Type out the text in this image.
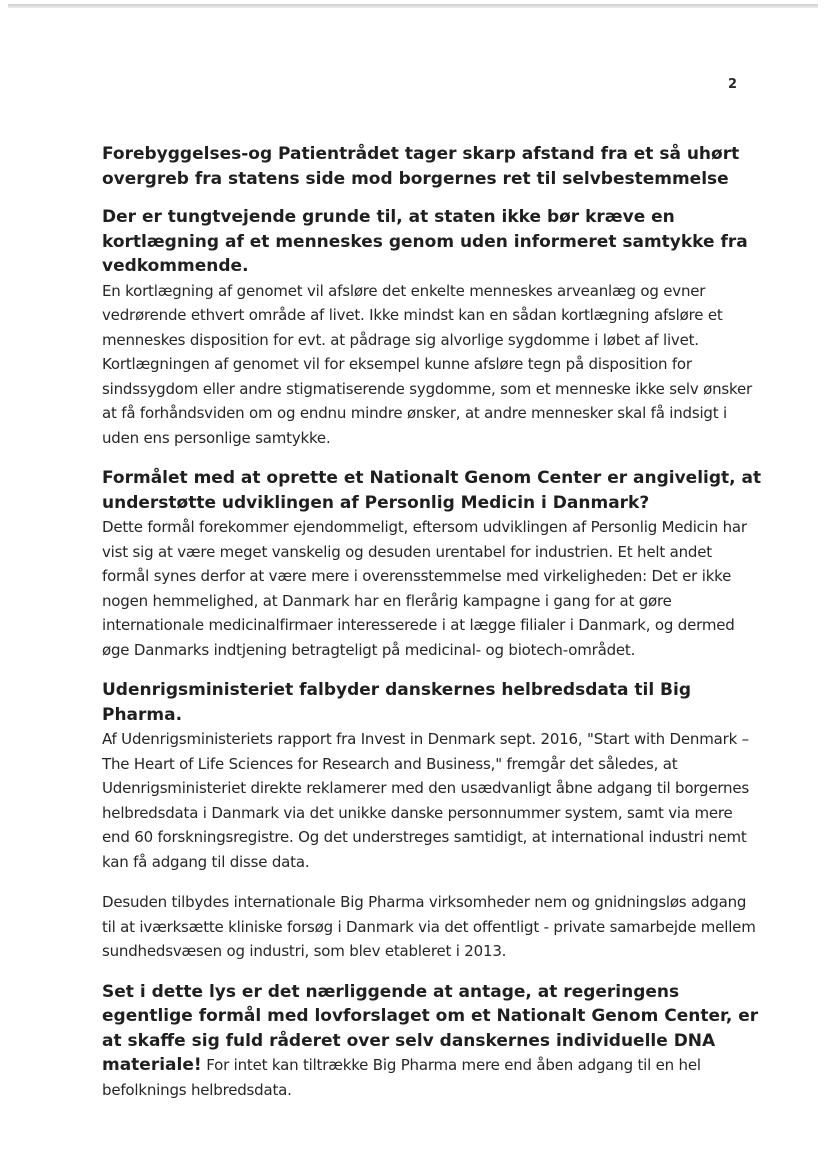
2

Forebyggelses-og Patientrådet tager skarp afstand fra et så uhørt overgreb fra statens side mod borgernes ret til selvbestemmelse

Der er tungtvejende grunde til, at staten ikke bør kræve en kortlægning af et menneskes genom uden informeret samtykke fra vedkommende.

En kortlægning af genomet vil afsløre det enkelte menneskes arveanlæg og evner vedrørende ethvert område af livet. Ikke mindst kan en sådan kortlægning afsløre et menneskes disposition for evt. at pådrage sig alvorlige sygdomme i løbet af livet. Kortlægningen af genomet vil for eksempel kunne afsløre tegn på disposition for sindssygdom eller andre stigmatiserende sygdomme, som et menneske ikke selv ønsker at få forhåndsviden om og endnu mindre ønsker, at andre mennesker skal få indsigt i uden ens personlige samtykke.

Formålet med at oprette et Nationalt Genom Center er angiveligt, at understøtte udviklingen af Personlig Medicin i Danmark?

Dette formål forekommer ejendommeligt, eftersom udviklingen af Personlig Medicin har vist sig at være meget vanskelig og desuden urentabel for industrien. Et helt andet formål synes derfor at være mere i overensstemmelse med virkeligheden: Det er ikke nogen hemmelighed, at Danmark har en flerårig kampagne i gang for at gøre internationale medicinalfirmaer interesserede i at lægge filialer i Danmark, og dermed øge Danmarks indtjening betragteligt på medicinal- og biotech-området.

Udenrigsministeriet falbyder danskernes helbredsdata til Big Pharma.

Af Udenrigsministeriets rapport fra Invest in Denmark sept. 2016, "Start with Denmark – The Heart of Life Sciences for Research and Business," fremgår det således, at Udenrigsministeriet direkte reklamerer med den usædvanligt åbne adgang til borgernes helbredsdata i Danmark via det unikke danske personnummer system, samt via mere end 60 forskningsregistre. Og det understreges samtidigt, at international industri nemt kan få adgang til disse data.

Desuden tilbydes internationale Big Pharma virksomheder nem og gnidningsløs adgang til at iværksætte kliniske forsøg i Danmark via det offentligt - private samarbejde mellem sundhedsvæsen og industri, som blev etableret i 2013.

Set i dette lys er det nærliggende at antage, at regeringens egentlige formål med lovforslaget om et Nationalt Genom Center, er at skaffe sig fuld råderet over selv danskernes individuelle DNA materiale! For intet kan tiltrække Big Pharma mere end åben adgang til en hel befolknings helbredsdata.
